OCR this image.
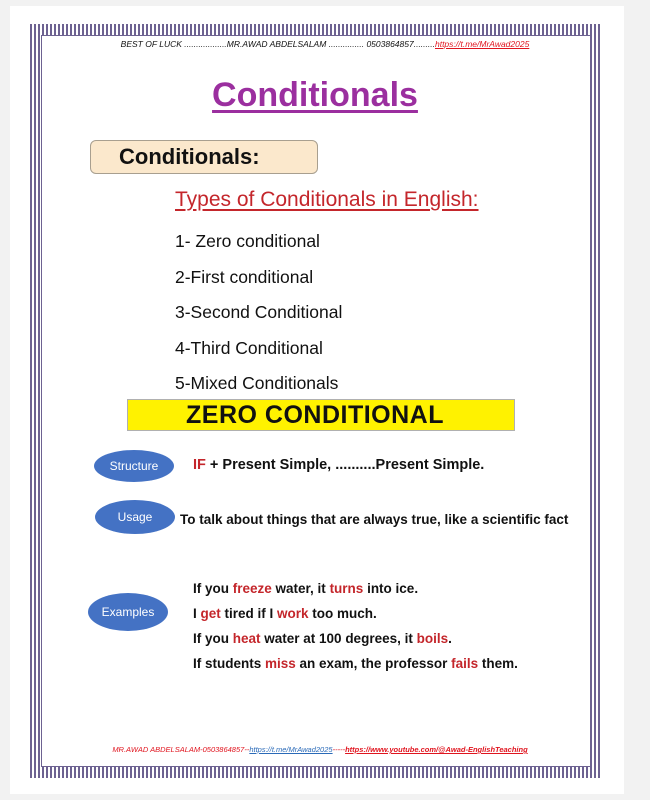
BEST OF LUCK ..................MR.AWAD ABDELSALAM ............... 0503864857.........https://t.me/MrAwad2025
Conditionals
Conditionals:
Types of Conditionals in English:
1- Zero conditional
2-First conditional
3-Second Conditional
4-Third Conditional
5-Mixed Conditionals
ZERO CONDITIONAL
Structure	IF + Present Simple, ..........Present Simple.
Usage	To talk about things that are always true, like a scientific fact
Examples
If you freeze water, it turns into ice.
I get tired if I work too much.
If you heat water at 100 degrees, it boils.
If students miss an exam, the professor fails them.
MR.AWAD ABDELSALAM-0503864857--https://t.me/MrAwad2025-----https://www.youtube.com/@Awad-EnglishTeaching
